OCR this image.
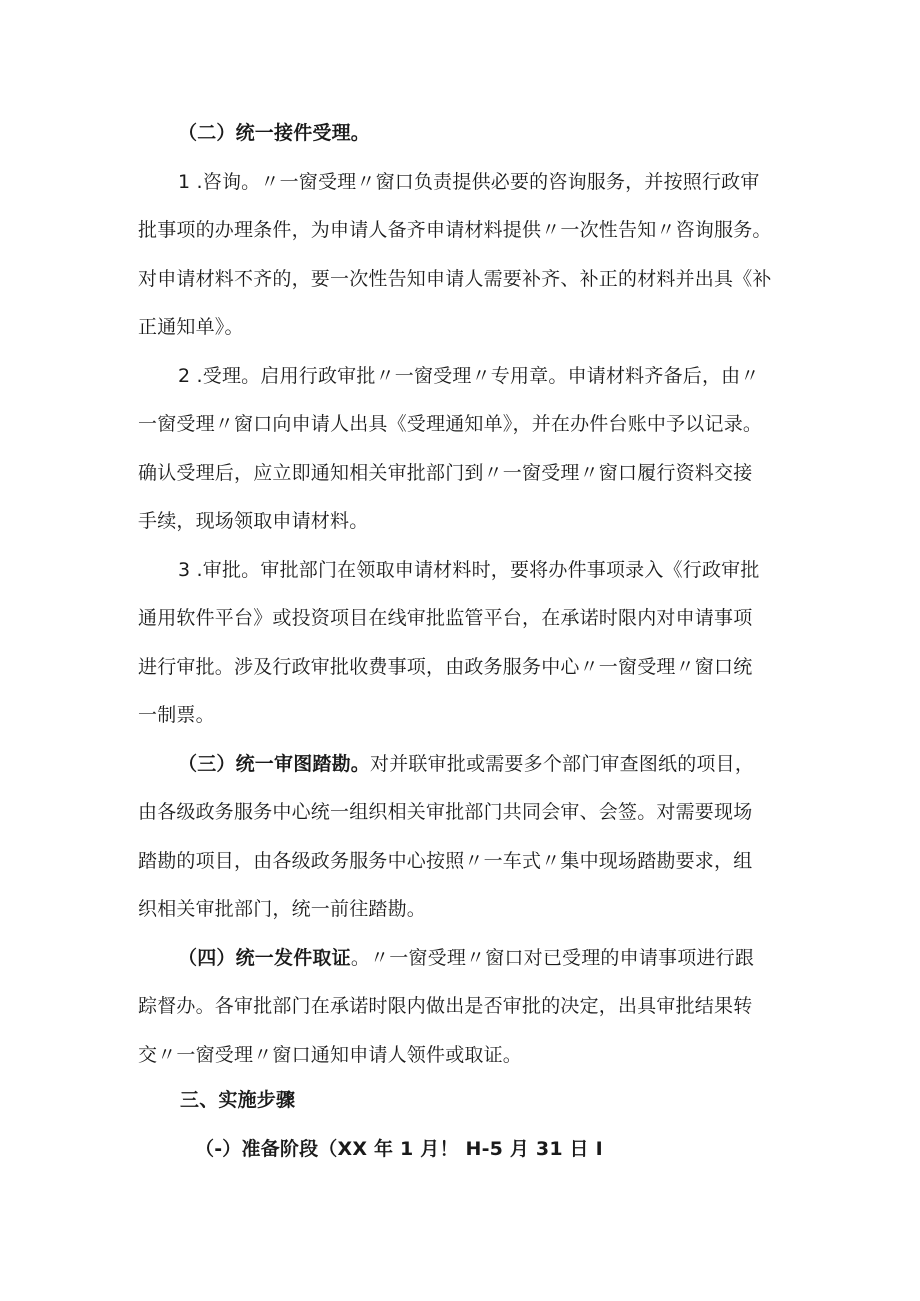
（二）统一接件受理。
1 .咨询。〃一窗受理〃窗口负责提供必要的咨询服务，并按照行政审
批事项的办理条件，为申请人备齐申请材料提供〃一次性告知〃咨询服务。
对申请材料不齐的，要一次性告知申请人需要补齐、补正的材料并出具《补
正通知单》。
2 .受理。启用行政审批〃一窗受理〃专用章。申请材料齐备后，由〃
一窗受理〃窗口向申请人出具《受理通知单》，并在办件台账中予以记录。
确认受理后，应立即通知相关审批部门到〃一窗受理〃窗口履行资料交接
手续，现场领取申请材料。
3 .审批。审批部门在领取申请材料时，要将办件事项录入《行政审批
通用软件平台》或投资项目在线审批监管平台，在承诺时限内对申请事项
进行审批。涉及行政审批收费事项，由政务服务中心〃一窗受理〃窗口统
一制票。
（三）统一审图踏勘。对并联审批或需要多个部门审查图纸的项目，
由各级政务服务中心统一组织相关审批部门共同会审、会签。对需要现场
踏勘的项目，由各级政务服务中心按照〃一车式〃集中现场踏勘要求，组
织相关审批部门，统一前往踏勘。
（四）统一发件取证。〃一窗受理〃窗口对已受理的申请事项进行跟
踪督办。各审批部门在承诺时限内做出是否审批的决定，出具审批结果转
交〃一窗受理〃窗口通知申请人领件或取证。
三、实施步骤
（-）准备阶段（XX 年 1 月！ H-5 月 31 日 I
